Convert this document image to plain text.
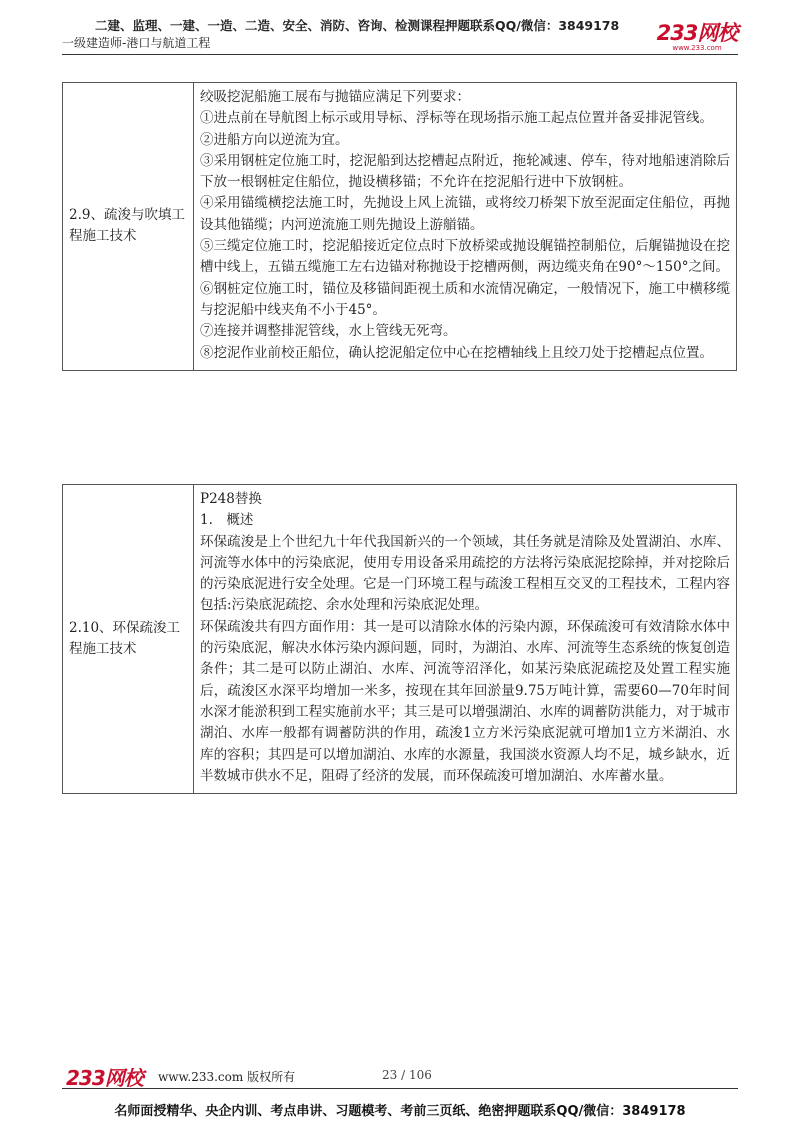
二建、监理、一建、一造、二造、安全、消防、咨询、检测课程押题联系QQ/微信：3849178
一级建造师-港口与航道工程	233网校
www.233.com
2.9、疏浚与吹填工程施工技术	

绞吸挖泥船施工展布与抛锚应满足下列要求：

①进点前在导航图上标示或用导标、浮标等在现场指示施工起点位置并备妥排泥管线。

②进船方向以逆流为宜。

③采用钢桩定位施工时，挖泥船到达挖槽起点附近，拖轮减速、停车，待对地船速消除后下放一根钢桩定住船位，抛设横移锚；不允许在挖泥船行进中下放钢桩。

④采用锚缆横挖法施工时，先抛设上风上流锚，或将绞刀桥架下放至泥面定住船位，再抛设其他锚缆；内河逆流施工则先抛设上游艏锚。

⑤三缆定位施工时，挖泥船接近定位点时下放桥梁或抛设艉锚控制船位，后艉锚抛设在挖槽中线上，五锚五缆施工左右边锚对称抛设于挖槽两侧，两边缆夹角在90°～150°之间。

⑥钢桩定位施工时，锚位及移锚间距视土质和水流情况确定，一般情况下，施工中横移缆与挖泥船中线夹角不小于45°。

⑦连接并调整排泥管线，水上管线无死弯。

⑧挖泥作业前校正船位，确认挖泥船定位中心在挖槽轴线上且绞刀处于挖槽起点位置。

2.10、环保疏浚工程施工技术	

P248替换

1.　概述

环保疏浚是上个世纪九十年代我国新兴的一个领域，其任务就是清除及处置湖泊、水库、河流等水体中的污染底泥，使用专用设备采用疏挖的方法将污染底泥挖除掉，并对挖除后的污染底泥进行安全处理。它是一门环境工程与疏浚工程相互交叉的工程技术，工程内容包括:污染底泥疏挖、余水处理和污染底泥处理。

环保疏浚共有四方面作用：其一是可以清除水体的污染内源，环保疏浚可有效清除水体中的污染底泥，解决水体污染内源问题，同时，为湖泊、水库、河流等生态系统的恢复创造条件；其二是可以防止湖泊、水库、河流等沼泽化，如某污染底泥疏挖及处置工程实施后，疏浚区水深平均增加一米多，按现在其年回淤量9.75万吨计算，需要60—70年时间水深才能淤积到工程实施前水平；其三是可以增强湖泊、水库的调蓄防洪能力，对于城市湖泊、水库一般都有调蓄防洪的作用，疏浚1立方米污染底泥就可增加1立方米湖泊、水库的容积；其四是可以增加湖泊、水库的水源量，我国淡水资源人均不足，城乡缺水，近半数城市供水不足，阻碍了经济的发展，而环保疏浚可增加湖泊、水库蓄水量。

233网校 www.233.com 版权所有	23 / 106
名师面授精华、央企内训、考点串讲、习题模考、考前三页纸、绝密押题联系QQ/微信：3849178
